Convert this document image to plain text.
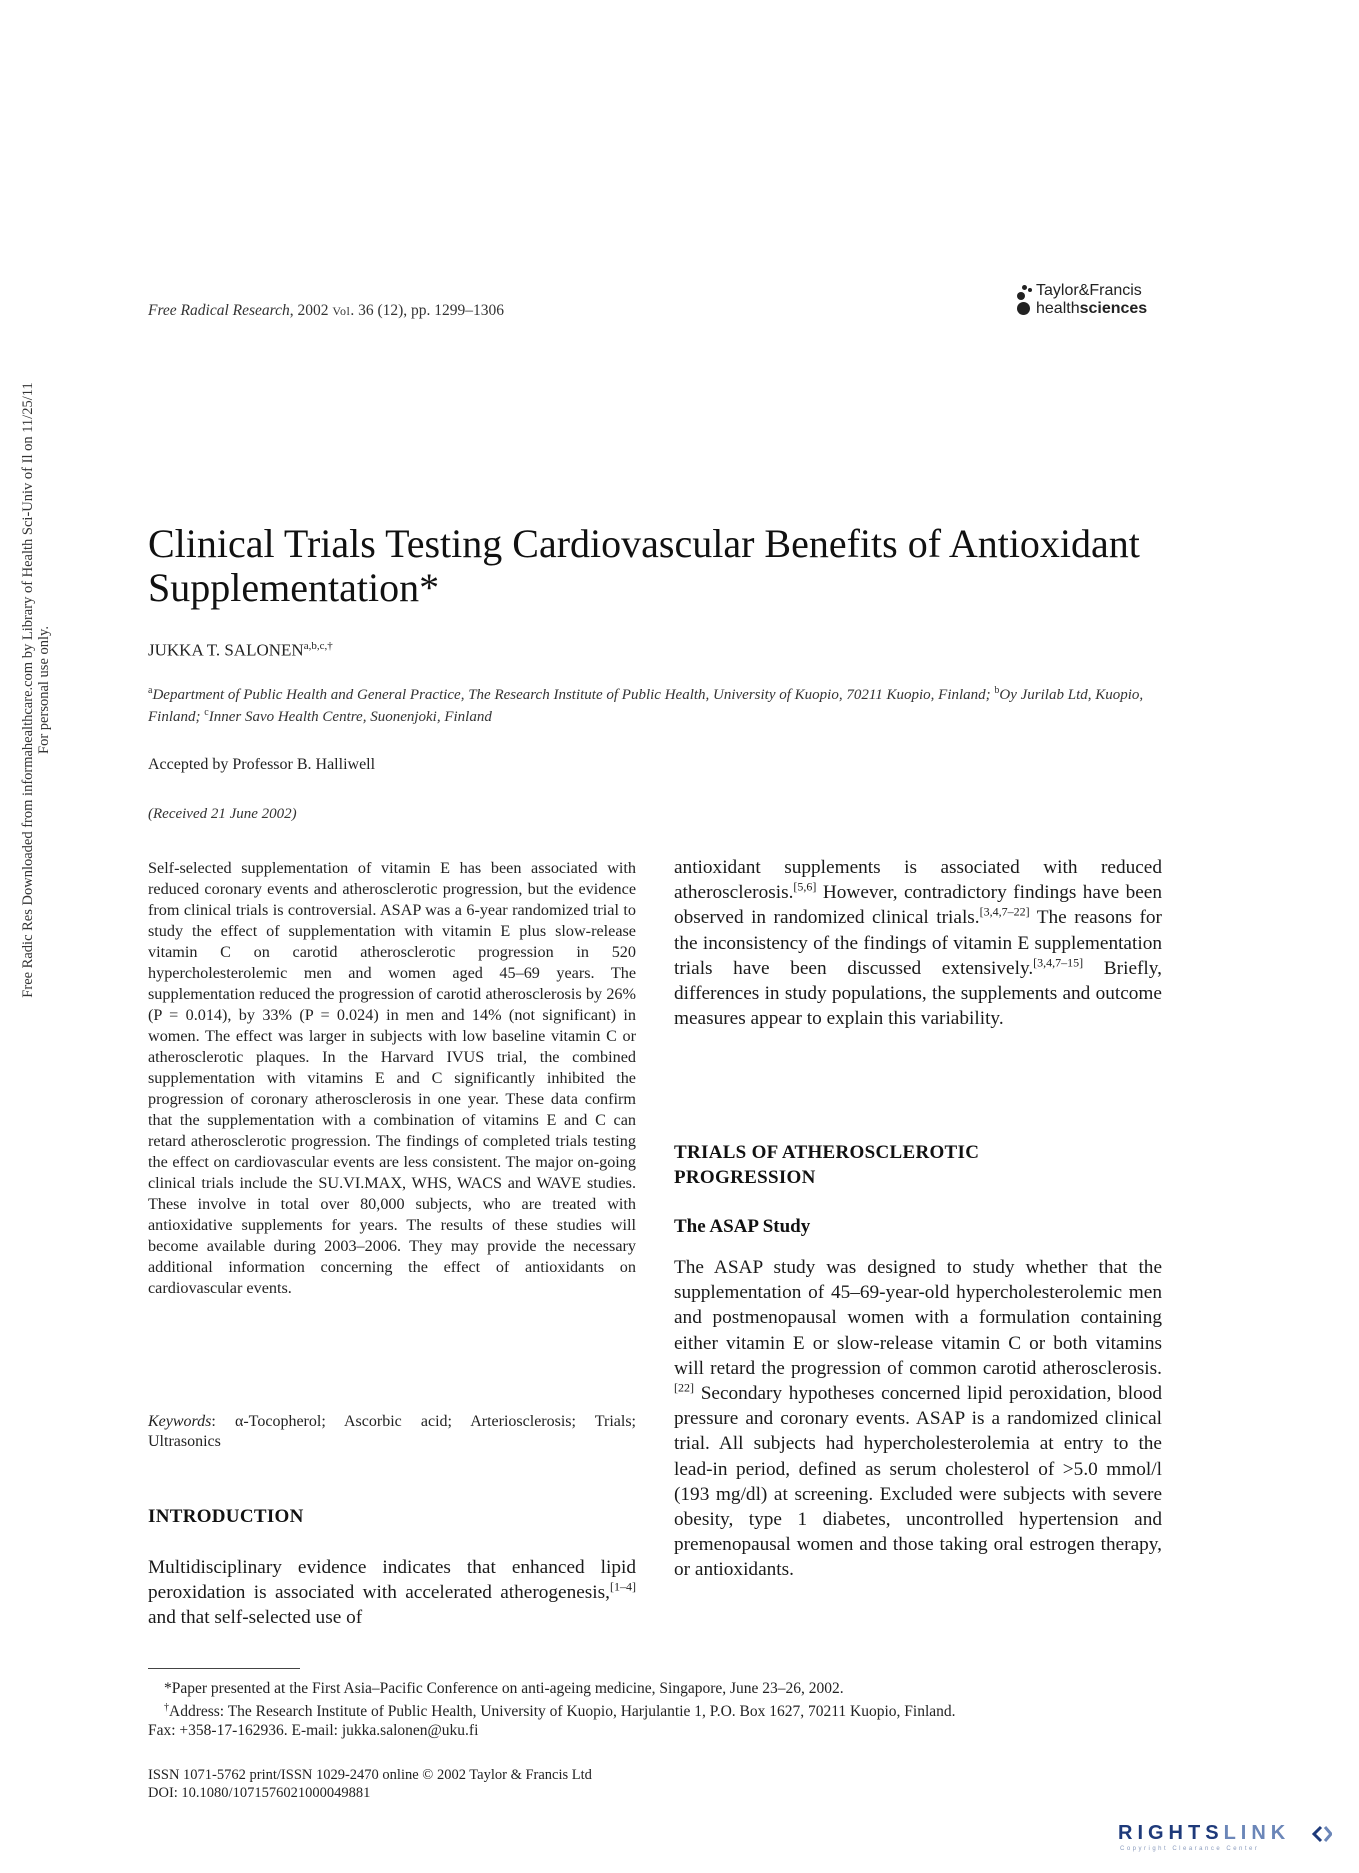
Free Radic Res Downloaded from informahealthcare.com by Library of Health Sci-Univ of Il on 11/25/11 For personal use only.
Free Radical Research, 2002 Vol. 36 (12), pp. 1299–1306
Taylor&Francis
healthsciences
Clinical Trials Testing Cardiovascular Benefits of Antioxidant Supplementation*
JUKKA T. $SALONEN^{a,b,c,\dagger}$
$^a$Department of Public Health and General Practice, The Research Institute of Public Health, University of Kuopio, 70211 Kuopio, Finland; $^b$Oy Jurilab Ltd, Kuopio, Finland; $^c$Inner Savo Health Centre, Suonenjoki, Finland
Accepted by Professor B. Halliwell
(Received 21 June 2002)
Self-selected supplementation of vitamin E has been associated with reduced coronary events and atherosclerotic progression, but the evidence from clinical trials is controversial. ASAP was a 6-year randomized trial to study the effect of supplementation with vitamin E plus slow-release vitamin C on carotid atherosclerotic progression in 520 hypercholesterolemic men and women aged 45–69 years. The supplementation reduced the progression of carotid atherosclerosis by 26% (P = 0.014), by 33% (P = 0.024) in men and 14% (not significant) in women. The effect was larger in subjects with low baseline vitamin C or atherosclerotic plaques. In the Harvard IVUS trial, the combined supplementation with vitamins E and C significantly inhibited the progression of coronary atherosclerosis in one year. These data confirm that the supplementation with a combination of vitamins E and C can retard atherosclerotic progression. The findings of completed trials testing the effect on cardiovascular events are less consistent. The major on-going clinical trials include the SU.VI.MAX, WHS, WACS and WAVE studies. These involve in total over 80,000 subjects, who are treated with antioxidative supplements for years. The results of these studies will become available during 2003–2006. They may provide the necessary additional information concerning the effect of antioxidants on cardiovascular events.
Keywords: α-Tocopherol; Ascorbic acid; Arteriosclerosis; Trials; Ultrasonics
INTRODUCTION
Multidisciplinary evidence indicates that enhanced lipid peroxidation is associated with accelerated atherogenesis,[1–4] and that self-selected use of
antioxidant supplements is associated with reduced atherosclerosis.[5,6] However, contradictory findings have been observed in randomized clinical trials.[3,4,7–22] The reasons for the inconsistency of the findings of vitamin E supplementation trials have been discussed extensively.[3,4,7–15] Briefly, differences in study populations, the supplements and outcome measures appear to explain this variability.
TRIALS OF ATHEROSCLEROTIC PROGRESSION
The ASAP Study
The ASAP study was designed to study whether that the supplementation of 45–69-year-old hypercholesterolemic men and postmenopausal women with a formulation containing either vitamin E or slow-release vitamin C or both vitamins will retard the progression of common carotid atherosclerosis.[22] Secondary hypotheses concerned lipid peroxidation, blood pressure and coronary events. ASAP is a randomized clinical trial. All subjects had hypercholesterolemia at entry to the lead-in period, defined as serum cholesterol of >5.0 mmol/l (193 mg/dl) at screening. Excluded were subjects with severe obesity, type 1 diabetes, uncontrolled hypertension and premenopausal women and those taking oral estrogen therapy, or antioxidants.
*Paper presented at the First Asia–Pacific Conference on anti-ageing medicine, Singapore, June 23–26, 2002.
†Address: The Research Institute of Public Health, University of Kuopio, Harjulantie 1, P.O. Box 1627, 70211 Kuopio, Finland.
Fax: +358-17-162936. E-mail: jukka.salonen@uku.fi
ISSN 1071-5762 print/ISSN 1029-2470 online © 2002 Taylor & Francis Ltd
DOI: 10.1080/1071576021000049881
RIGHTSLINK
Copyright Clearance Center
